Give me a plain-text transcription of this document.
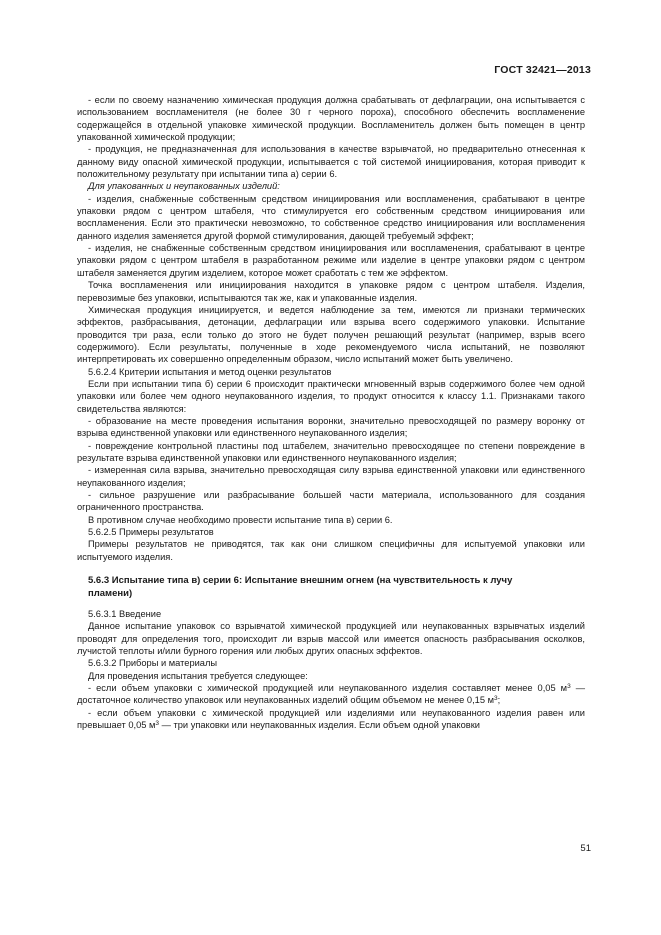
ГОСТ 32421—2013

- если по своему назначению химическая продукция должна срабатывать от дефлаграции, она испытывается с использованием воспламенителя (не более 30 г черного пороха), способного обеспечить воспламенение содержащейся в отдельной упаковке химической продукции. Воспламенитель должен быть помещен в центр упакованной химической продукции;

- продукция, не предназначенная для использования в качестве взрывчатой, но предварительно отнесенная к данному виду опасной химической продукции, испытывается с той системой инициирования, которая приводит к положительному результату при испытании типа а) серии 6.

Для упакованных и неупакованных изделий:

- изделия, снабженные собственным средством инициирования или воспламенения, срабатывают в центре упаковки рядом с центром штабеля, что стимулируется его собственным средством инициирования или воспламенения. Если это практически невозможно, то собственное средство инициирования или воспламенения данного изделия заменяется другой формой стимулирования, дающей требуемый эффект;

- изделия, не снабженные собственным средством инициирования или воспламенения, срабатывают в центре упаковки рядом с центром штабеля в разработанном режиме или изделие в центре упаковки рядом с центром штабеля заменяется другим изделием, которое может сработать с тем же эффектом.

Точка воспламенения или инициирования находится в упаковке рядом с центром штабеля. Изделия, перевозимые без упаковки, испытываются так же, как и упакованные изделия.

Химическая продукция инициируется, и ведется наблюдение за тем, имеются ли признаки термических эффектов, разбрасывания, детонации, дефлаграции или взрыва всего содержимого упаковки. Испытание проводится три раза, если только до этого не будет получен решающий результат (например, взрыв всего содержимого). Если результаты, полученные в ходе рекомендуемого числа испытаний, не позволяют интерпретировать их совершенно определенным образом, число испытаний может быть увеличено.

5.6.2.4 Критерии испытания и метод оценки результатов

Если при испытании типа б) серии 6 происходит практически мгновенный взрыв содержимого более чем одной упаковки или более чем одного неупакованного изделия, то продукт относится к классу 1.1. Признаками такого свидетельства являются:

- образование на месте проведения испытания воронки, значительно превосходящей по размеру воронку от взрыва единственной упаковки или единственного неупакованного изделия;

- повреждение контрольной пластины под штабелем, значительно превосходящее по степени повреждение в результате взрыва единственной упаковки или единственного неупакованного изделия;

- измеренная сила взрыва, значительно превосходящая силу взрыва единственной упаковки или единственного неупакованного изделия;

- сильное разрушение или разбрасывание большей части материала, использованного для создания ограниченного пространства.

В противном случае необходимо провести испытание типа в) серии 6.

5.6.2.5 Примеры результатов

Примеры результатов не приводятся, так как они слишком специфичны для испытуемой упаковки или испытуемого изделия.

5.6.3 Испытание типа в) серии 6: Испытание внешним огнем (на чувствительность к лучу
пламени)

5.6.3.1 Введение

Данное испытание упаковок со взрывчатой химической продукцией или неупакованных взрывчатых изделий проводят для определения того, происходит ли взрыв массой или имеется опасность разбрасывания осколков, лучистой теплоты и/или бурного горения или любых других опасных эффектов.

5.6.3.2 Приборы и материалы

Для проведения испытания требуется следующее:

- если объем упаковки с химической продукцией или неупакованного изделия составляет менее 0,05 $м^3$ — достаточное количество упаковок или неупакованных изделий общим объемом не менее 0,15 $м^3$;

- если объем упаковки с химической продукцией или изделиями или неупакованного изделия равен или превышает 0,05 $м^3$ — три упаковки или неупакованных изделия. Если объем одной упаковки

51
